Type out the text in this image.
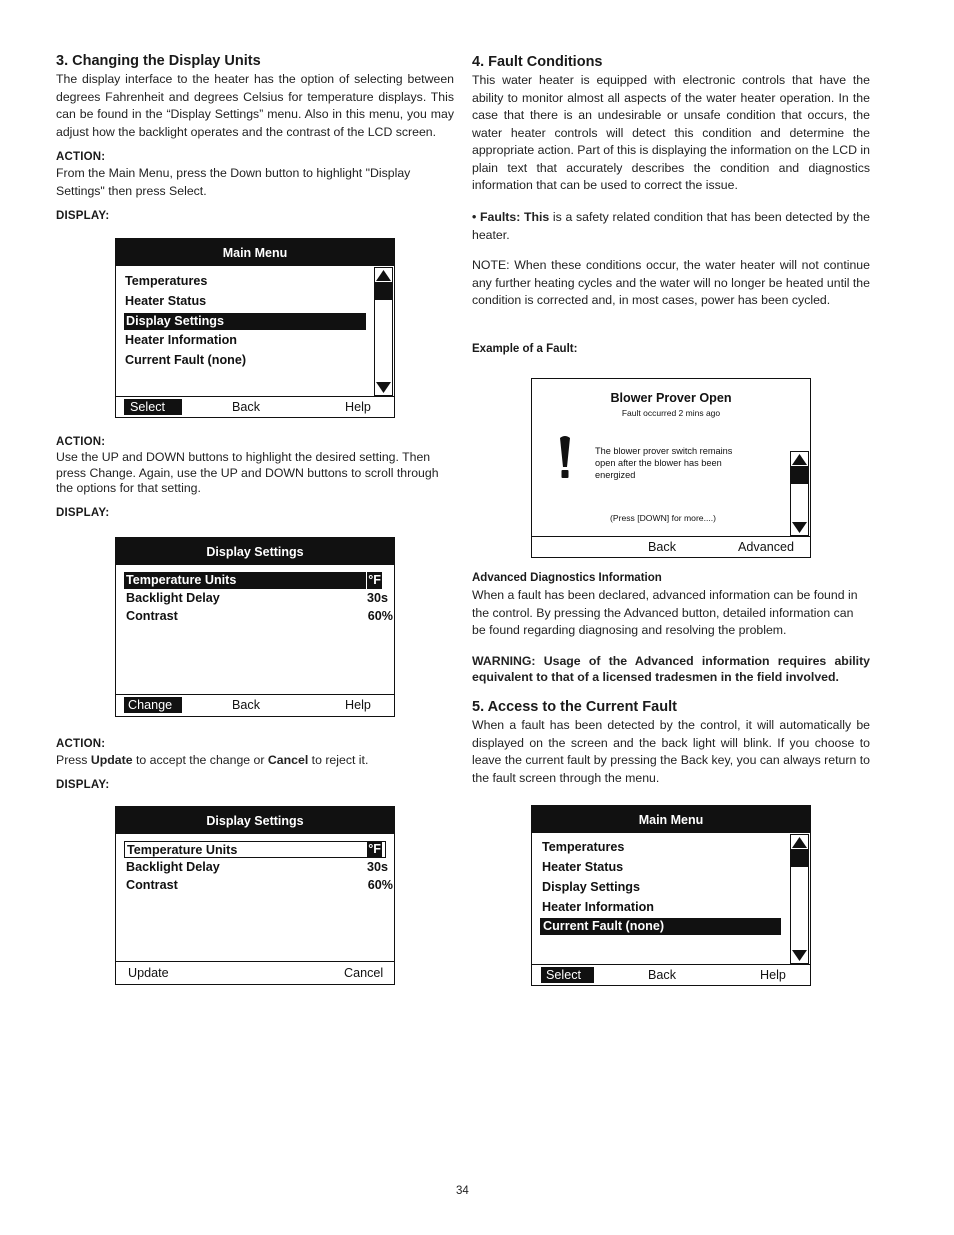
3. Changing the Display Units

The display interface to the heater has the option of selecting between degrees Fahrenheit and degrees Celsius for temperature displays. This can be found in the “Display Settings” menu. Also in this menu, you may adjust how the backlight operates and the contrast of the LCD screen.

ACTION:

From the Main Menu, press the Down button to highlight "Display Settings" then press Select.

DISPLAY:

Main Menu
Temperatures
Heater Status
Display Settings
Heater Information
Current Fault (none)
Select	Back	Help

ACTION:

Use the UP and DOWN buttons to highlight the desired setting. Then press Change. Again, use the UP and DOWN buttons to scroll through the options for that setting.

DISPLAY:

Display Settings
Temperature Units	°F
Backlight Delay	30s
Contrast	60%
Change	Back	Help

ACTION:

Press Update to accept the change or Cancel to reject it.

DISPLAY:

Display Settings
Temperature Units	°F
Backlight Delay	30s
Contrast	60%
Update	Cancel
4. Fault Conditions

This water heater is equipped with electronic controls that have the ability to monitor almost all aspects of the water heater operation. In the case that there is an undesirable or unsafe condition that occurs, the water heater controls will detect this condition and determine the appropriate action. Part of this is displaying the information on the LCD in plain text that accurately describes the condition and diagnostics information that can be used to correct the issue.

• Faults: This is a safety related condition that has been detected by the heater.

NOTE: When these conditions occur, the water heater will not continue any further heating cycles and the water will no longer be heated until the condition is corrected and, in most cases, power has been cycled.

Example of a Fault:

Blower Prover Open
Fault occurred 2 mins ago
The blower prover switch remains
open after the blower has been
energized
(Press [DOWN] for more....)
Back	Advanced

Advanced Diagnostics Information

When a fault has been declared, advanced information can be found in the control. By pressing the Advanced button, detailed information can be found regarding diagnosing and resolving the problem.

WARNING: Usage of the Advanced information requires ability equivalent to that of a licensed tradesmen in the field involved.

5. Access to the Current Fault

When a fault has been detected by the control, it will automatically be displayed on the screen and the back light will blink. If you choose to leave the current fault by pressing the Back key, you can always return to the fault screen through the menu.

Main Menu
Temperatures
Heater Status
Display Settings
Heater Information
Current Fault (none)
Select	Back	Help
34
